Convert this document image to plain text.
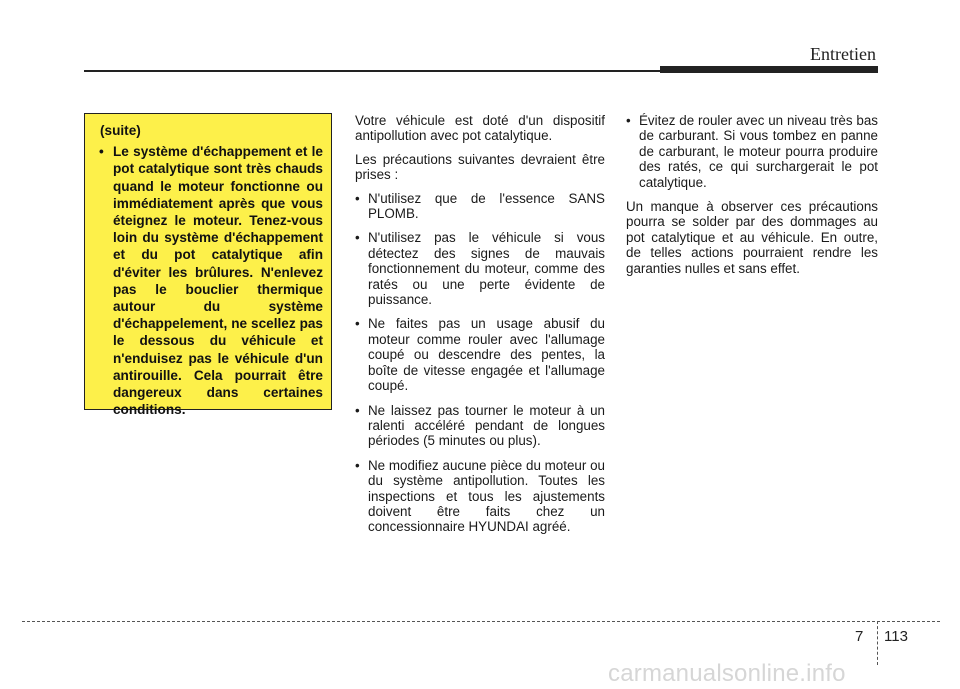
Entretien
(suite)
• Le système d'échappement et le pot catalytique sont très chauds quand le moteur fonctionne ou immédiatement après que vous éteignez le moteur. Tenez-vous loin du système d'échappement et du pot catalytique afin d'éviter les brûlures. N'enlevez pas le bouclier thermique autour du système d'échappelement, ne scellez pas le dessous du véhicule et n'enduisez pas le véhicule d'un antirouille. Cela pourrait être dangereux dans certaines conditions.

Votre véhicule est doté d'un dispositif antipollution avec pot catalytique.

Les précautions suivantes devraient être prises :

• N'utilisez que de l'essence SANS PLOMB.
• N'utilisez pas le véhicule si vous détectez des signes de mauvais fonctionnement du moteur, comme des ratés ou une perte évidente de puissance.
• Ne faites pas un usage abusif du moteur comme rouler avec l'allumage coupé ou descendre des pentes, la boîte de vitesse engagée et l'allumage coupé.
• Ne laissez pas tourner le moteur à un ralenti accéléré pendant de longues périodes (5 minutes ou plus).
• Ne modifiez aucune pièce du moteur ou du système antipollution. Toutes les inspections et tous les ajustements doivent être faits chez un concessionnaire HYUNDAI agréé.
• Évitez de rouler avec un niveau très bas de carburant. Si vous tombez en panne de carburant, le moteur pourra produire des ratés, ce qui surchargerait le pot catalytique.

Un manque à observer ces précautions pourra se solder par des dommages au pot catalytique et au véhicule. En outre, de telles actions pourraient rendre les garanties nulles et sans effet.

7 113
carmanualsonline.info
